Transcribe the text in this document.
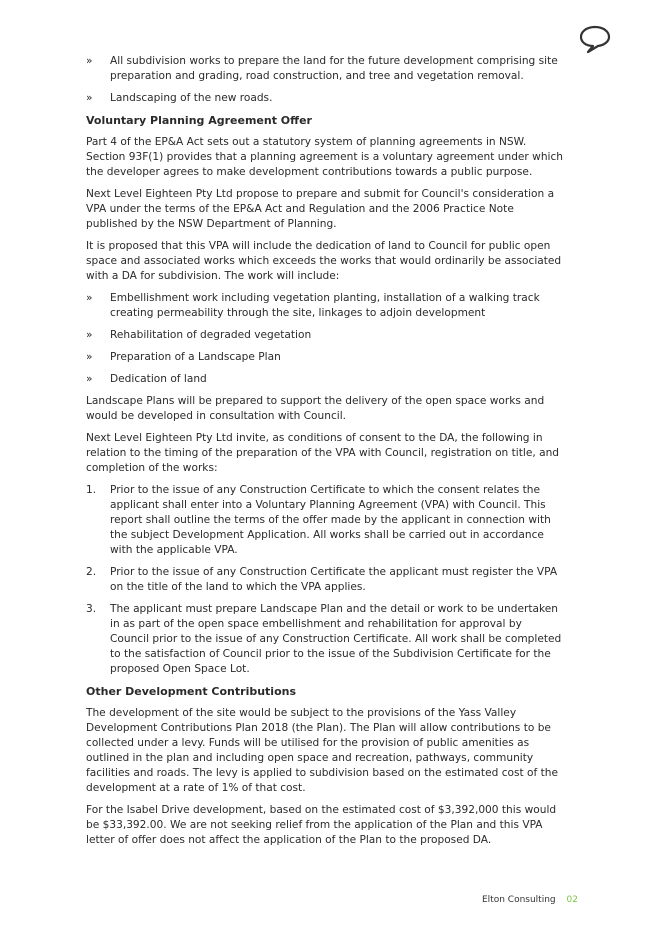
» All subdivision works to prepare the land for the future development comprising site preparation and grading, road construction, and tree and vegetation removal.
» Landscaping of the new roads.
Voluntary Planning Agreement Offer

Part 4 of the EP&A Act sets out a statutory system of planning agreements in NSW. Section 93F(1) provides that a planning agreement is a voluntary agreement under which the developer agrees to make development contributions towards a public purpose.

Next Level Eighteen Pty Ltd propose to prepare and submit for Council's consideration a VPA under the terms of the EP&A Act and Regulation and the 2006 Practice Note published by the NSW Department of Planning.

It is proposed that this VPA will include the dedication of land to Council for public open space and associated works which exceeds the works that would ordinarily be associated with a DA for subdivision. The work will include:

» Embellishment work including vegetation planting, installation of a walking track creating permeability through the site, linkages to adjoin development
» Rehabilitation of degraded vegetation
» Preparation of a Landscape Plan
» Dedication of land

Landscape Plans will be prepared to support the delivery of the open space works and would be developed in consultation with Council.

Next Level Eighteen Pty Ltd invite, as conditions of consent to the DA, the following in relation to the timing of the preparation of the VPA with Council, registration on title, and completion of the works:

1. Prior to the issue of any Construction Certificate to which the consent relates the applicant shall enter into a Voluntary Planning Agreement (VPA) with Council. This report shall outline the terms of the offer made by the applicant in connection with the subject Development Application. All works shall be carried out in accordance with the applicable VPA.
2. Prior to the issue of any Construction Certificate the applicant must register the VPA on the title of the land to which the VPA applies.
3. The applicant must prepare Landscape Plan and the detail or work to be undertaken in as part of the open space embellishment and rehabilitation for approval by Council prior to the issue of any Construction Certificate. All work shall be completed to the satisfaction of Council prior to the issue of the Subdivision Certificate for the proposed Open Space Lot.
Other Development Contributions

The development of the site would be subject to the provisions of the Yass Valley Development Contributions Plan 2018 (the Plan). The Plan will allow contributions to be collected under a levy. Funds will be utilised for the provision of public amenities as outlined in the plan and including open space and recreation, pathways, community facilities and roads. The levy is applied to subdivision based on the estimated cost of the development at a rate of 1% of that cost.

For the Isabel Drive development, based on the estimated cost of $3,392,000 this would be $33,392.00. We are not seeking relief from the application of the Plan and this VPA letter of offer does not affect the application of the Plan to the proposed DA.

Elton Consulting 02
